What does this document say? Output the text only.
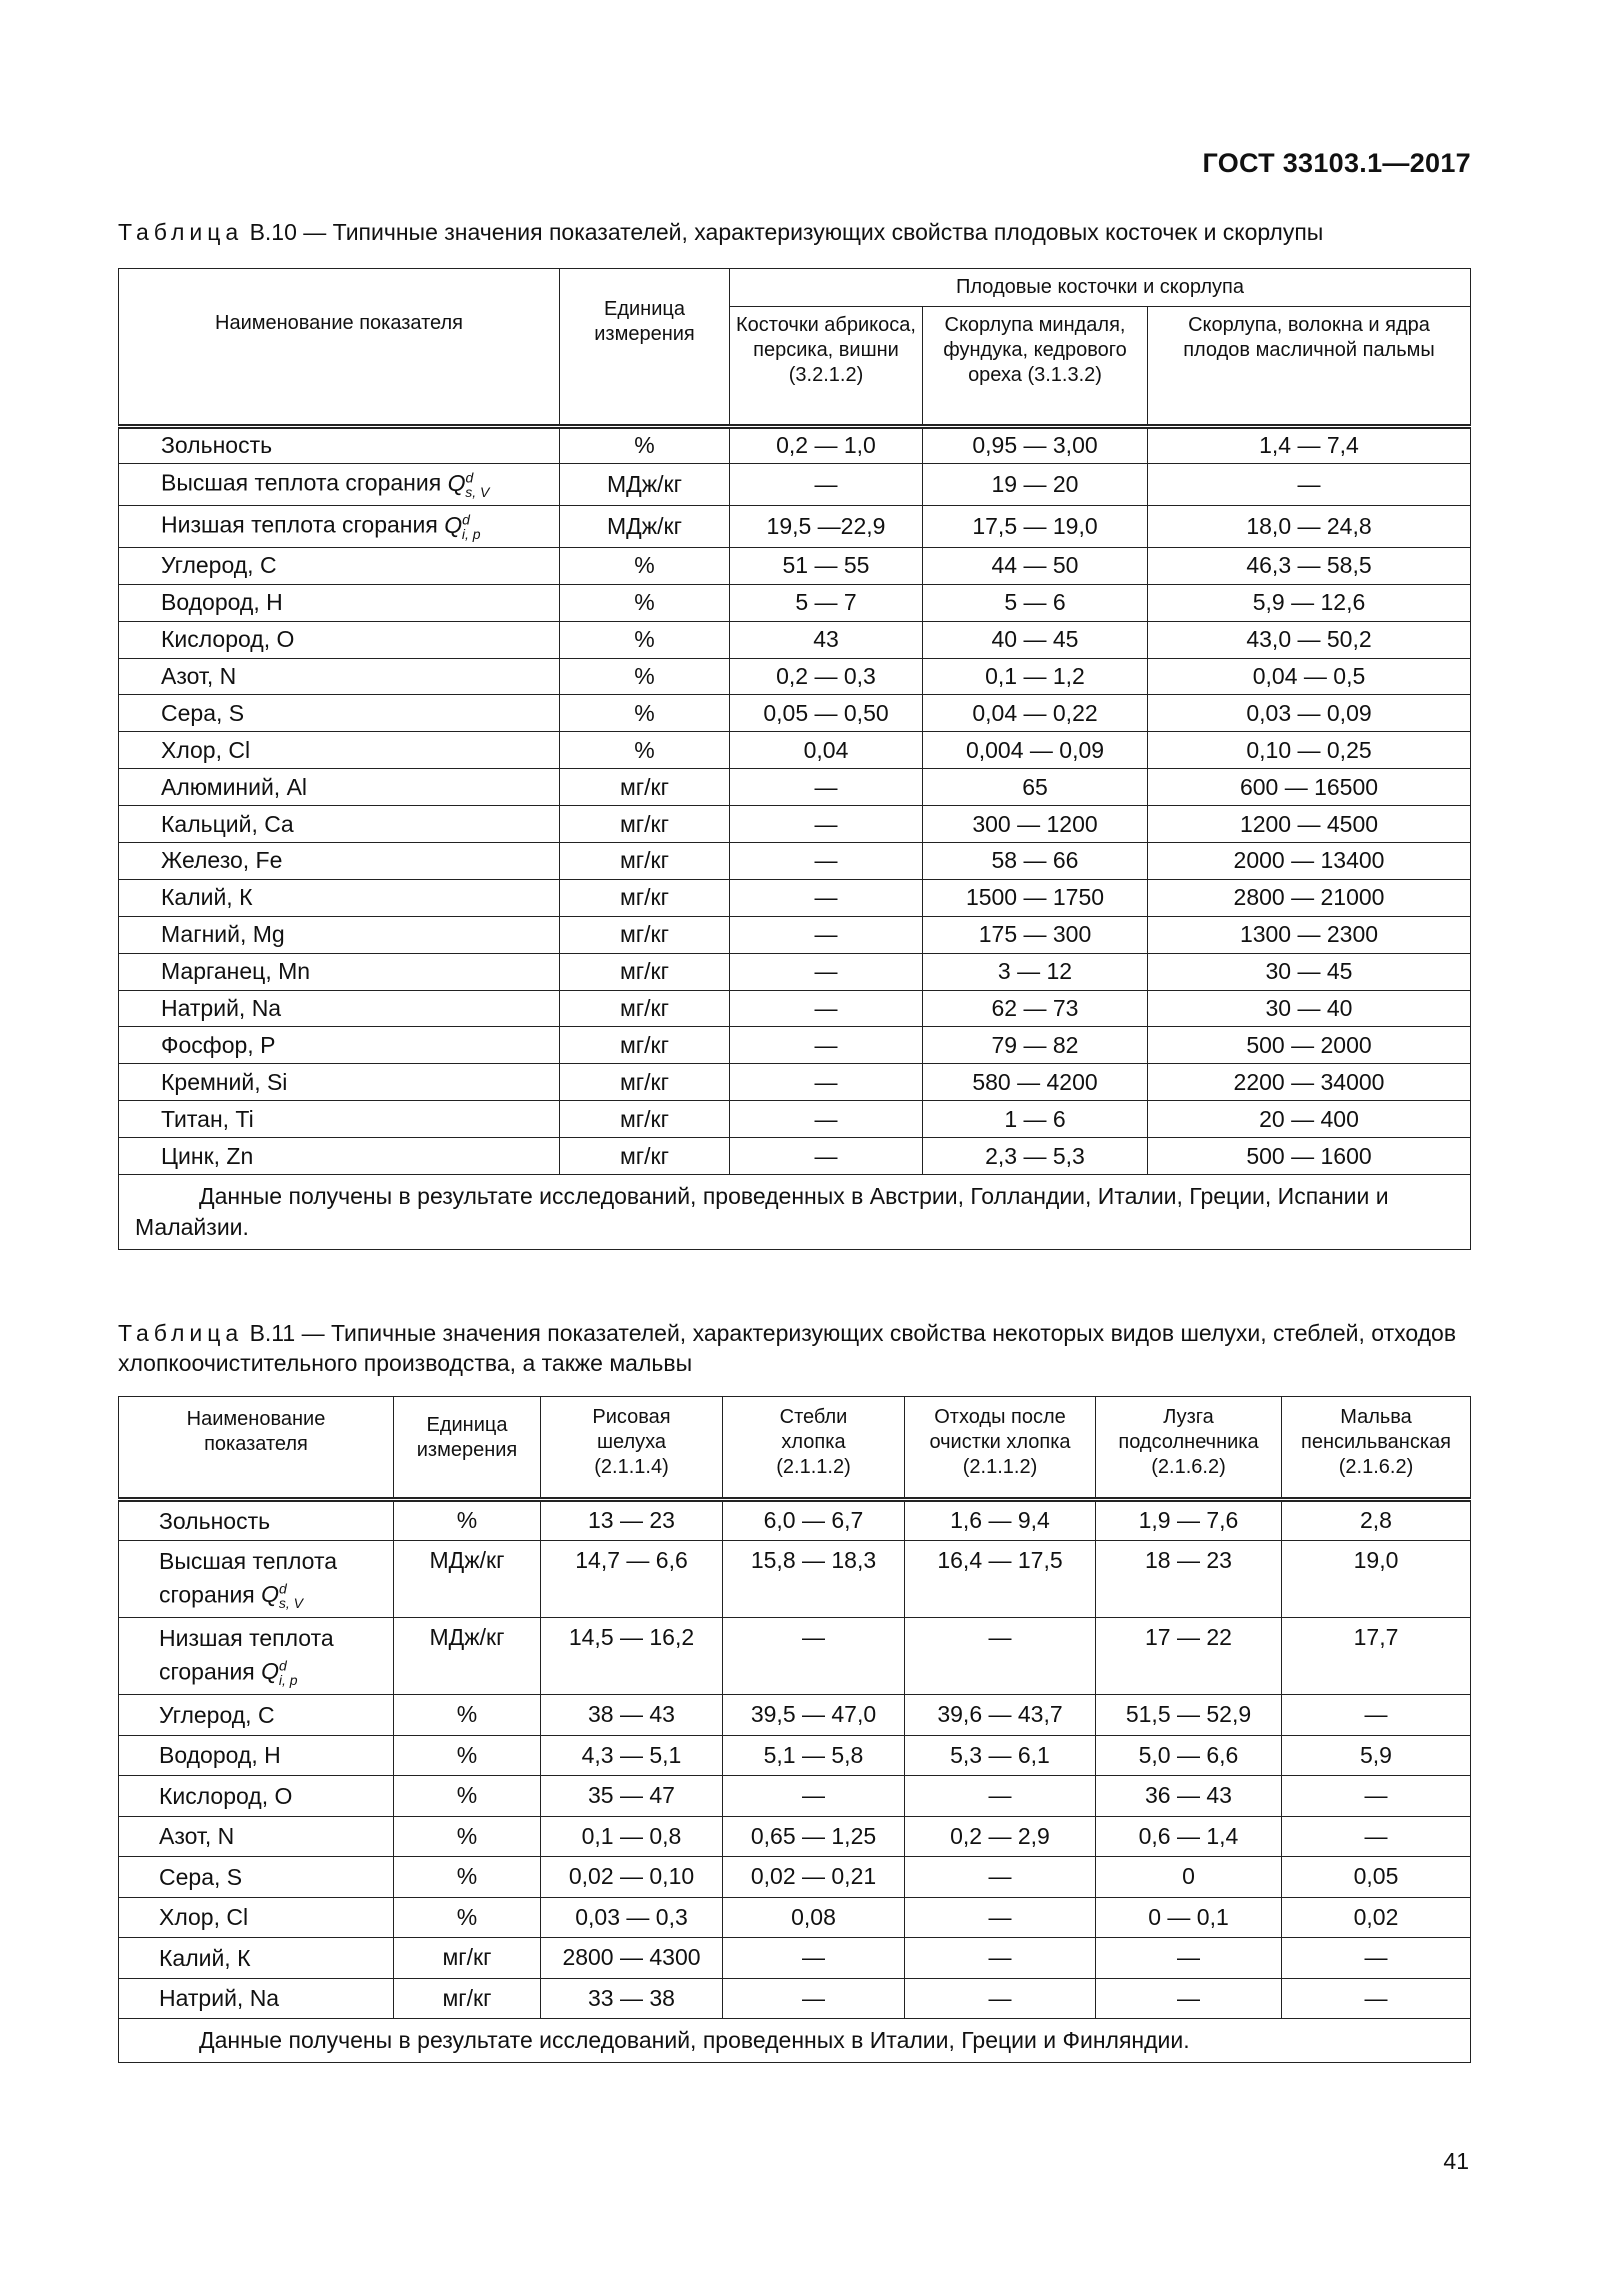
ГОСТ 33103.1—2017
Таблица В.10 — Типичные значения показателей, характеризующих свойства плодовых косточек и скорлупы
Наименование показателя	Единица измерения	Плодовые косточки и скорлупа		
		Косточки абрикоса, персика, вишни (3.2.1.2)	Скорлупа миндаля, фундука, кедрового ореха (3.1.3.2)	Скорлупа, волокна и ядра плодов масличной пальмы
Зольность	%	0,2 — 1,0	0,95 — 3,00	1,4 — 7,4
Высшая теплота сгорания $Q^d_{s, V}$	МДж/кг	—	19 — 20	—
Низшая теплота сгорания $Q^d_{i, p}$	МДж/кг	19,5 —22,9	17,5 — 19,0	18,0 — 24,8
Углерод, С	%	51 — 55	44 — 50	46,3 — 58,5
Водород, Н	%	5 — 7	5 — 6	5,9 — 12,6
Кислород, О	%	43	40 — 45	43,0 — 50,2
Азот, N	%	0,2 — 0,3	0,1 — 1,2	0,04 — 0,5
Сера, S	%	0,05 — 0,50	0,04 — 0,22	0,03 — 0,09
Хлор, Cl	%	0,04	0,004 — 0,09	0,10 — 0,25
Алюминий, Al	мг/кг	—	65	600 — 16500
Кальций, Ca	мг/кг	—	300 — 1200	1200 — 4500
Железо, Fe	мг/кг	—	58 — 66	2000 — 13400
Калий, К	мг/кг	—	1500 — 1750	2800 — 21000
Магний, Mg	мг/кг	—	175 — 300	1300 — 2300
Марганец, Mn	мг/кг	—	3 — 12	30 — 45
Натрий, Na	мг/кг	—	62 — 73	30 — 40
Фосфор, Р	мг/кг	—	79 — 82	500 — 2000
Кремний, Si	мг/кг	—	580 — 4200	2200 — 34000
Титан, Ti	мг/кг	—	1 — 6	20 — 400
Цинк, Zn	мг/кг	—	2,3 — 5,3	500 — 1600
Данные получены в результате исследований, проведенных в Австрии, Голландии, Италии, Греции, Испании и Малайзии.				
Таблица В.11 — Типичные значения показателей, характеризующих свойства некоторых видов шелухи, стеблей, отходов хлопкоочистительного производства, а также мальвы
Наименование показателя	Единица измерения	Рисовая шелуха (2.1.1.4)	Стебли хлопка (2.1.1.2)	Отходы после очистки хлопка (2.1.1.2)	Лузга подсолнечника (2.1.6.2)	Мальва пенсильванская (2.1.6.2)
Зольность	%	13 — 23	6,0 — 6,7	1,6 — 9,4	1,9 — 7,6	2,8
Высшая теплота сгорания $Q^d_{s, V}$	МДж/кг	14,7 — 6,6	15,8 — 18,3	16,4 — 17,5	18 — 23	19,0
Низшая теплота сгорания $Q^d_{i, p}$	МДж/кг	14,5 — 16,2	—	—	17 — 22	17,7
Углерод, С	%	38 — 43	39,5 — 47,0	39,6 — 43,7	51,5 — 52,9	—
Водород, Н	%	4,3 — 5,1	5,1 — 5,8	5,3 — 6,1	5,0 — 6,6	5,9
Кислород, О	%	35 — 47	—	—	36 — 43	—
Азот, N	%	0,1 — 0,8	0,65 — 1,25	0,2 — 2,9	0,6 — 1,4	—
Сера, S	%	0,02 — 0,10	0,02 — 0,21	—	0	0,05
Хлор, Cl	%	0,03 — 0,3	0,08	—	0 — 0,1	0,02
Калий, К	мг/кг	2800 — 4300	—	—	—	—
Натрий, Na	мг/кг	33 — 38	—	—	—	—
Данные получены в результате исследований, проведенных в Италии, Греции и Финляндии.						
41
